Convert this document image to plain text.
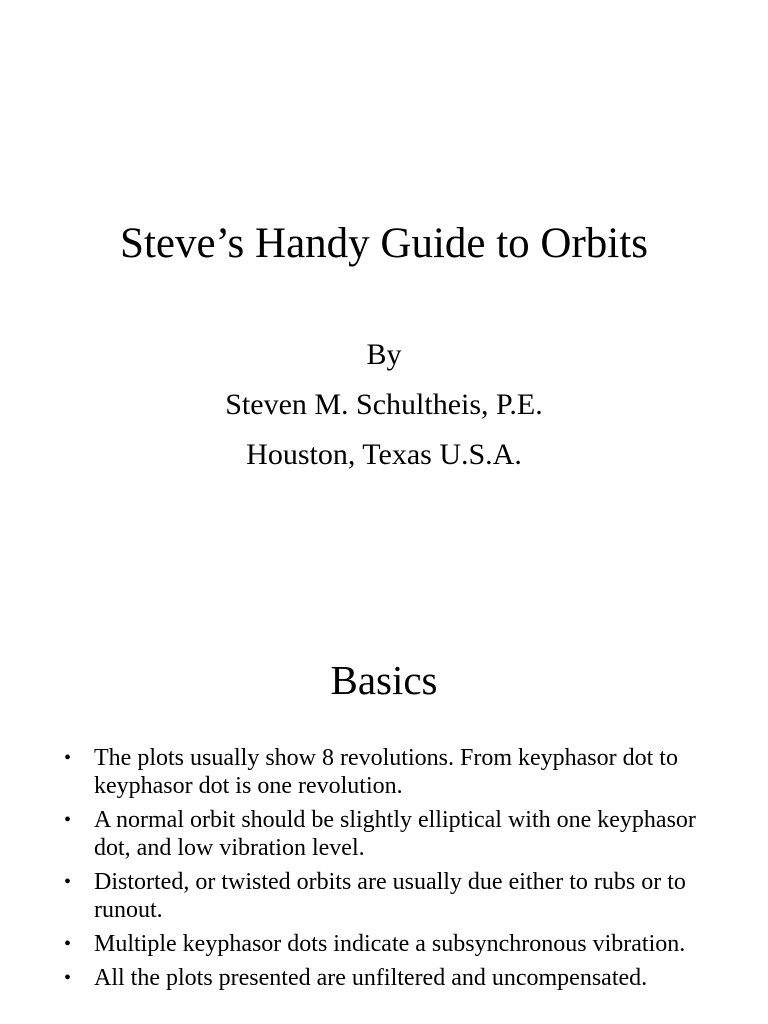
Steve’s Handy Guide to Orbits
By
Steven M. Schultheis, P.E.
Houston, Texas U.S.A.
Basics
• The plots usually show 8 revolutions. From keyphasor dot to keyphasor dot is one revolution.
• A normal orbit should be slightly elliptical with one keyphasor dot, and low vibration level.
• Distorted, or twisted orbits are usually due either to rubs or to runout.
• Multiple keyphasor dots indicate a subsynchronous vibration.
• All the plots presented are unfiltered and uncompensated.
